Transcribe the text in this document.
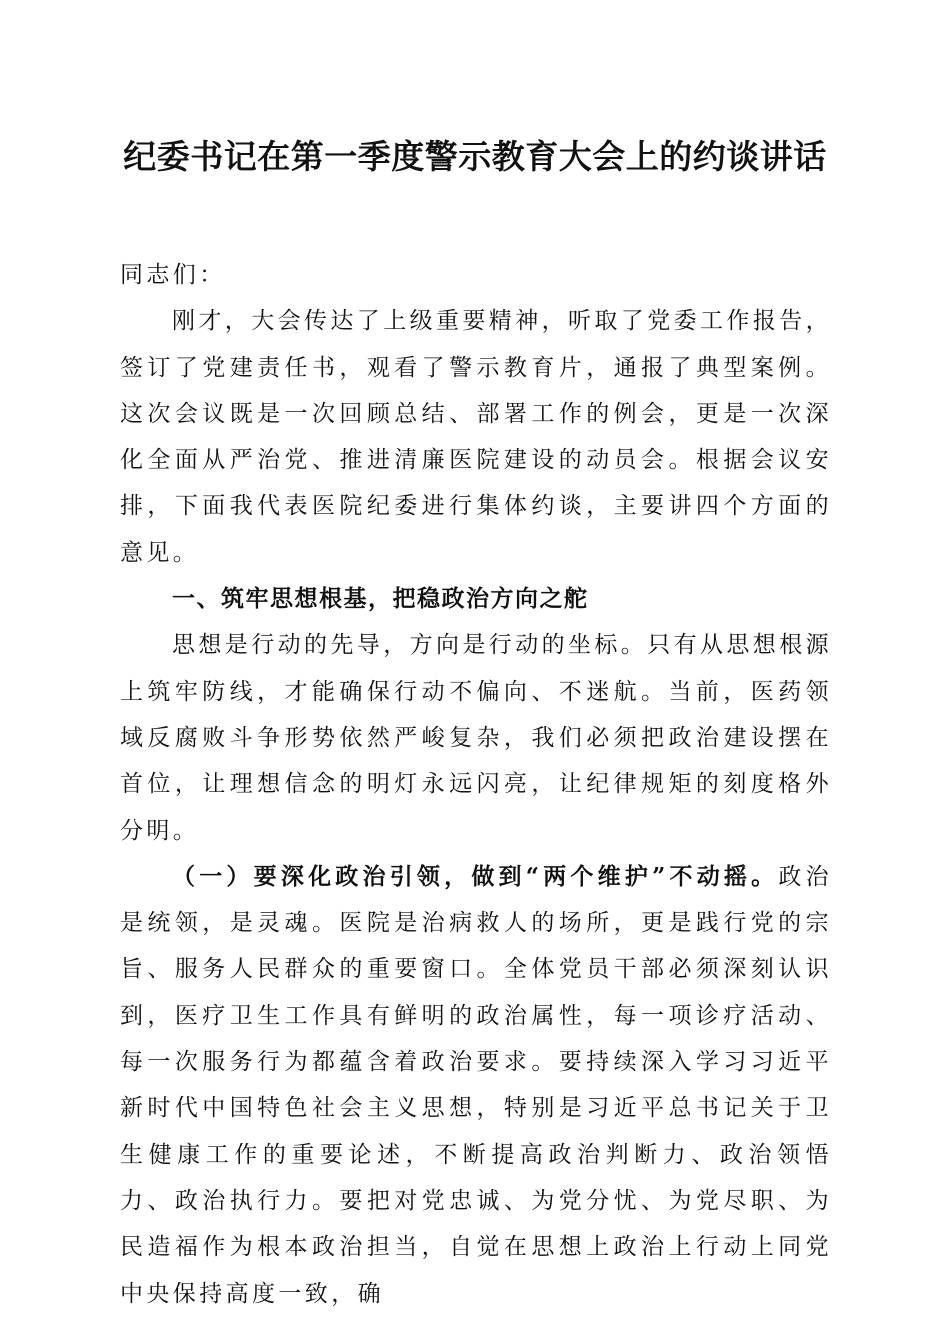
纪委书记在第一季度警示教育大会上的约谈讲话

同志们：

刚才，大会传达了上级重要精神，听取了党委工作报告，签订了党建责任书，观看了警示教育片，通报了典型案例。这次会议既是一次回顾总结、部署工作的例会，更是一次深化全面从严治党、推进清廉医院建设的动员会。根据会议安排，下面我代表医院纪委进行集体约谈，主要讲四个方面的意见。

一、筑牢思想根基，把稳政治方向之舵

思想是行动的先导，方向是行动的坐标。只有从思想根源上筑牢防线，才能确保行动不偏向、不迷航。当前，医药领域反腐败斗争形势依然严峻复杂，我们必须把政治建设摆在首位，让理想信念的明灯永远闪亮，让纪律规矩的刻度格外分明。

（一）要深化政治引领，做到“两个维护”不动摇。政治是统领，是灵魂。医院是治病救人的场所，更是践行党的宗旨、服务人民群众的重要窗口。全体党员干部必须深刻认识到，医疗卫生工作具有鲜明的政治属性，每一项诊疗活动、每一次服务行为都蕴含着政治要求。要持续深入学习习近平新时代中国特色社会主义思想，特别是习近平总书记关于卫生健康工作的重要论述，不断提高政治判断力、政治领悟力、政治执行力。要把对党忠诚、为党分忧、为党尽职、为民造福作为根本政治担当，自觉在思想上政治上行动上同党中央保持高度一致，确
